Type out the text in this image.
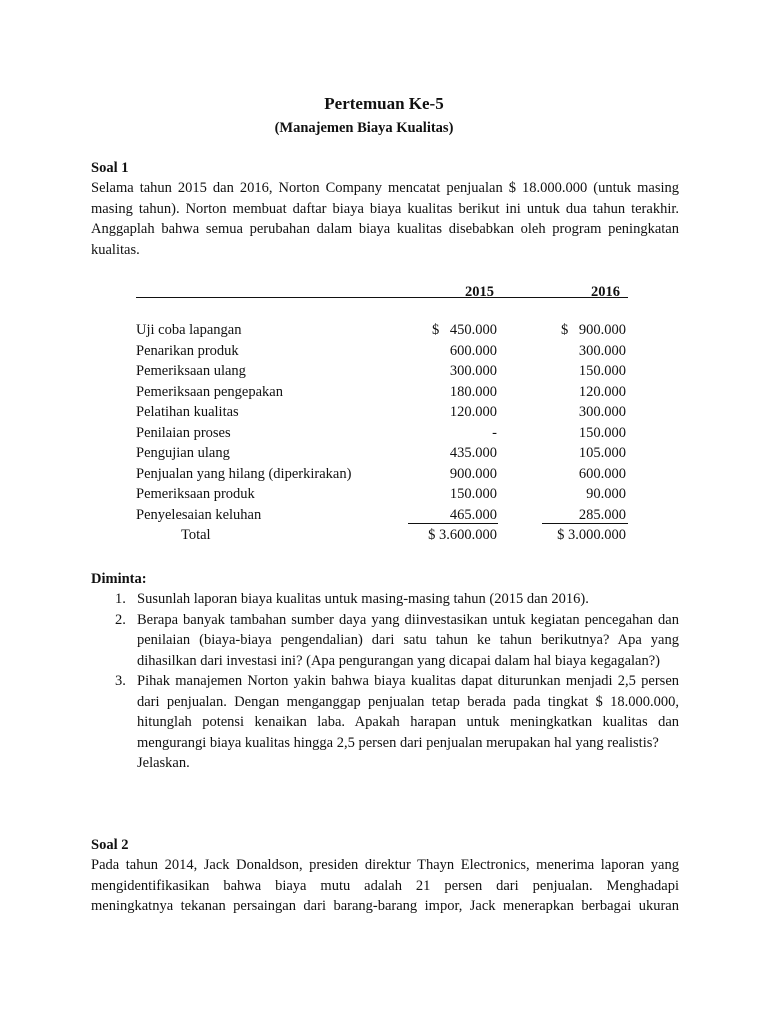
Pertemuan Ke-5
(Manajemen Biaya Kualitas)
Soal 1
Selama tahun 2015 dan 2016, Norton Company mencatat penjualan $ 18.000.000 (untuk masing
masing tahun). Norton membuat daftar biaya biaya kualitas berikut ini untuk dua tahun terakhir.
Anggaplah bahwa semua perubahan dalam biaya kualitas disebabkan oleh program peningkatan
kualitas.
2015	2016
Uji coba lapangan	$ 450.000	$ 900.000
Penarikan produk	600.000	300.000
Pemeriksaan ulang	300.000	150.000
Pemeriksaan pengepakan	180.000	120.000
Pelatihan kualitas	120.000	300.000
Penilaian proses	-	150.000
Pengujian ulang	435.000	105.000
Penjualan yang hilang (diperkirakan)	900.000	600.000
Pemeriksaan produk	150.000	90.000
Penyelesaian keluhan	465.000	285.000
Total	$ 3.600.000	$ 3.000.000
Diminta:
1. Susunlah laporan biaya kualitas untuk masing-masing tahun (2015 dan 2016).
2. Berapa banyak tambahan sumber daya yang diinvestasikan untuk kegiatan pencegahan dan
penilaian (biaya-biaya pengendalian) dari satu tahun ke tahun berikutnya? Apa yang
dihasilkan dari investasi ini? (Apa pengurangan yang dicapai dalam hal biaya kegagalan?)
3. Pihak manajemen Norton yakin bahwa biaya kualitas dapat diturunkan menjadi 2,5 persen
dari penjualan. Dengan menganggap penjualan tetap berada pada tingkat $ 18.000.000,
hitunglah potensi kenaikan laba. Apakah harapan untuk meningkatkan kualitas dan
mengurangi biaya kualitas hingga 2,5 persen dari penjualan merupakan hal yang realistis?
Jelaskan.
Soal 2
Pada tahun 2014, Jack Donaldson, presiden direktur Thayn Electronics, menerima laporan yang
mengidentifikasikan bahwa biaya mutu adalah 21 persen dari penjualan. Menghadapi
meningkatnya tekanan persaingan dari barang-barang impor, Jack menerapkan berbagai ukuran
